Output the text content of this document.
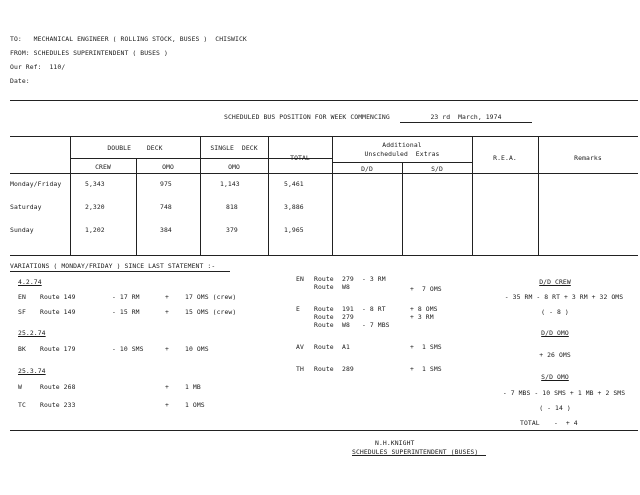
TO:   MECHANICAL ENGINEER ( ROLLING STOCK, BUSES )  CHISWICK
FROM: SCHEDULES SUPERINTENDENT ( BUSES )
Our Ref:  110/
Date:
SCHEDULED BUS POSITION FOR WEEK COMMENCING	23 rd  March, 1974
DOUBLE    DECK	SINGLE  DECK
CREW	OMO	OMO
TOTAL
Additional
Unscheduled  Extras
D/D	S/D
R.E.A.	Remarks
Monday/Friday	5,343	975	1,143	5,461
Saturday	2,320	748	818	3,886
Sunday	1,202	384	379	1,965
VARIATIONS ( MONDAY/FRIDAY ) SINCE LAST STATEMENT :-
4.2.74
EN Route 149	- 17 RM	+	17 OMS (crew)
SF Route 149	- 15 RM	+	15 OMS (crew)
25.2.74
BK Route 179	- 10 SMS	+	10 OMS
25.3.74
W	Route 268	+	1 MB
TC Route 233	+	1 OMS
EN Route 279 - 3 RM
Route W8	+ 7 OMS
E Route 191 - 8 RT	+ 8 OMS
Route 279	+ 3 RM
Route W8 - 7 MBS
AV Route A1	+ 1 SMS
TH Route 289	+ 1 SMS
D/D CREW
- 35 RM - 8 RT + 3 RM + 32 OMS
( - 8 )
D/D OMO
+ 26 OMS
S/D OMO
- 7 MBS - 10 SMS + 1 MB + 2 SMS
( - 14 )
TOTAL -  + 4
N.H.KNIGHT
SCHEDULES SUPERINTENDENT (BUSES)
